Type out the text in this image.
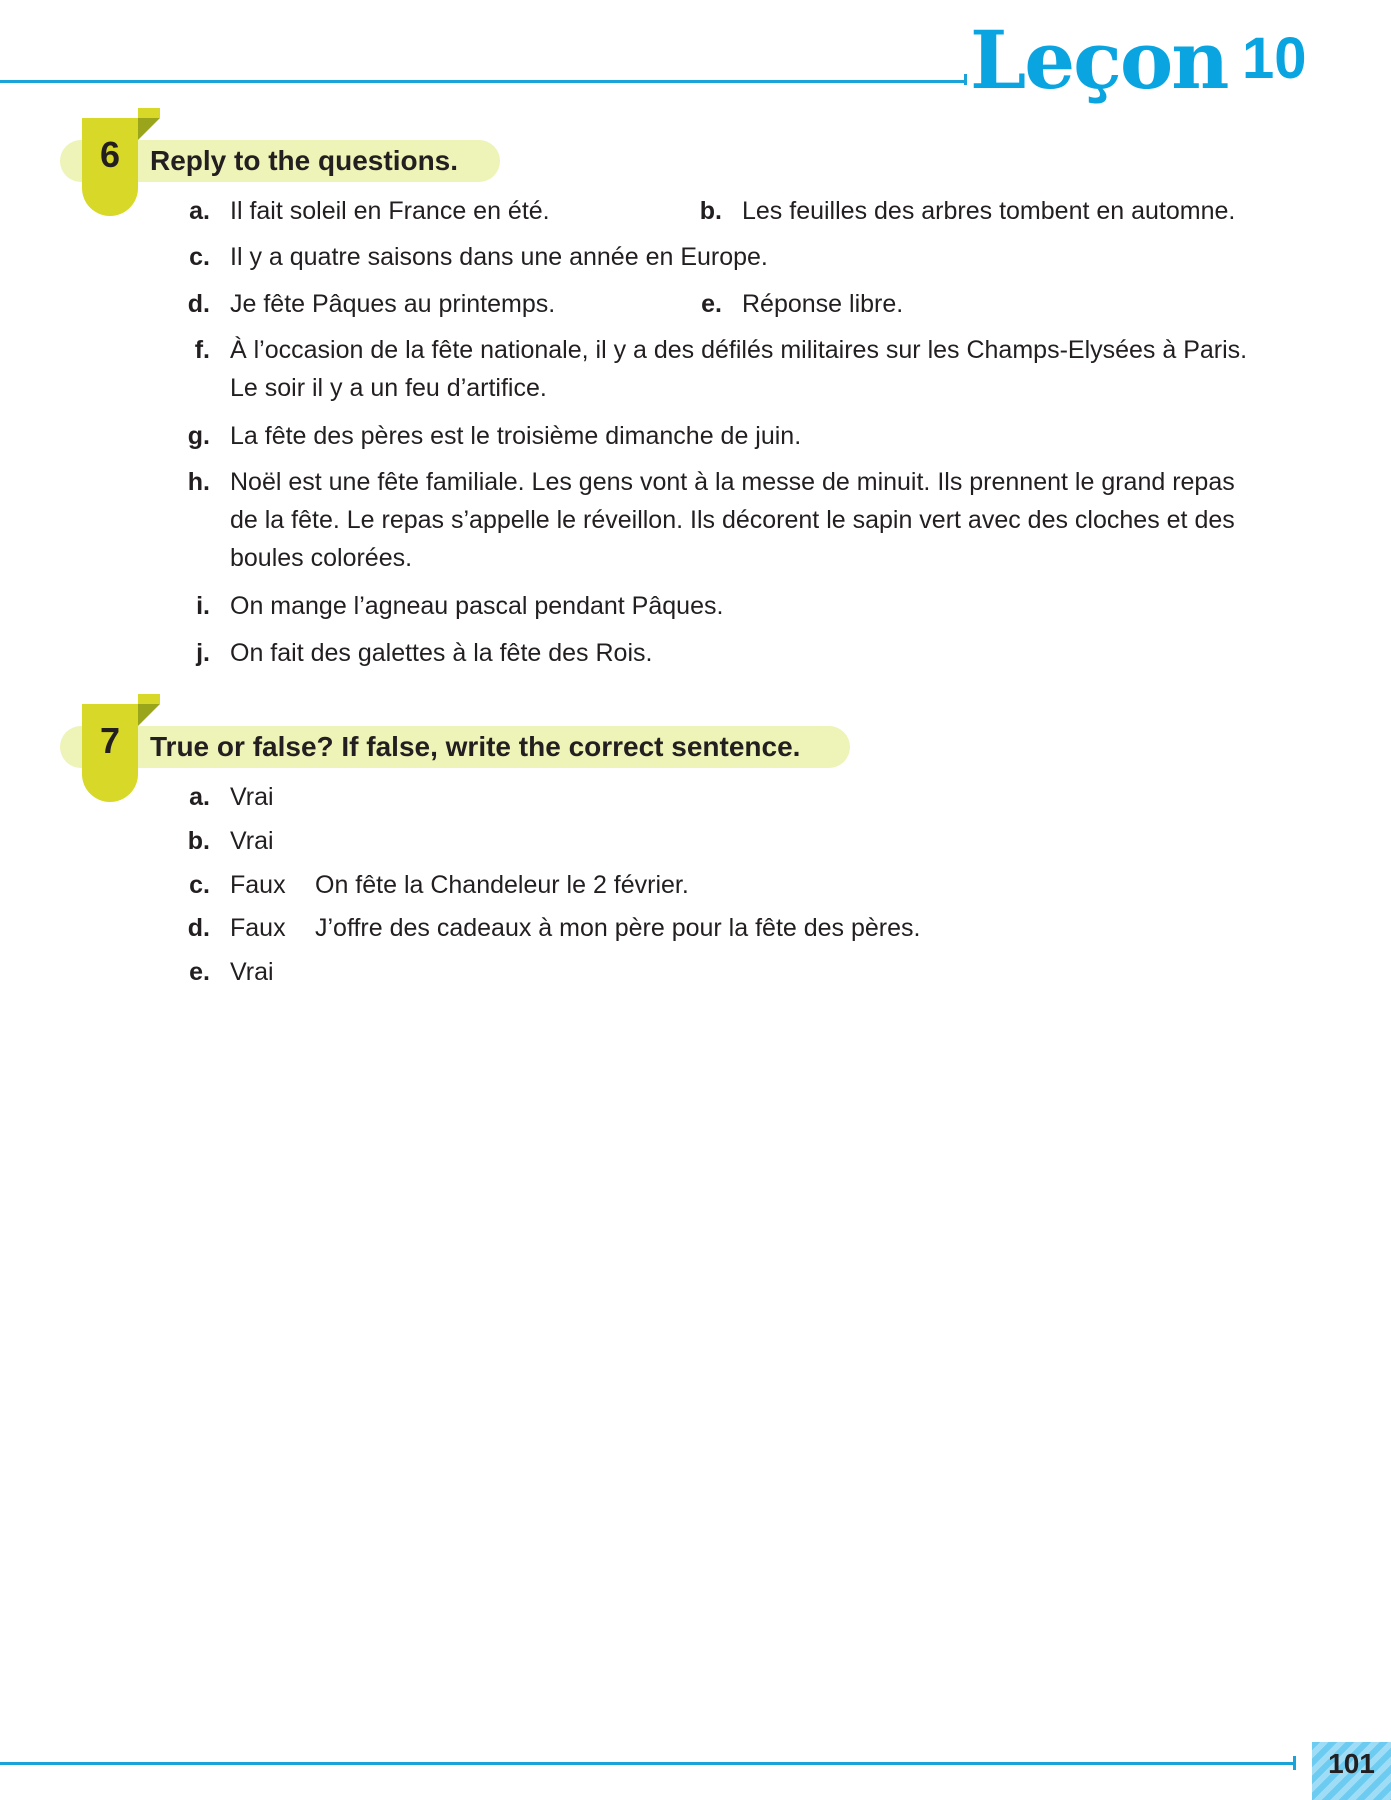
Leçon 10
6	Reply to the questions.
a. Il fait soleil en France en été.	b. Les feuilles des arbres tombent en automne.
c. Il y a quatre saisons dans une année en Europe.
d. Je fête Pâques au printemps.	e. Réponse libre.
f. À l’occasion de la fête nationale, il y a des défilés militaires sur les Champs-Elysées à Paris.
Le soir il y a un feu d’artifice.
g. La fête des pères est le troisième dimanche de juin.
h. Noël est une fête familiale. Les gens vont à la messe de minuit. Ils prennent le grand repas
de la fête. Le repas s’appelle le réveillon. Ils décorent le sapin vert avec des cloches et des
boules colorées.
i. On mange l’agneau pascal pendant Pâques.
j. On fait des galettes à la fête des Rois.
7	True or false? If false, write the correct sentence.
a. Vrai
b. Vrai
c. Faux On fête la Chandeleur le 2 février.
d. Faux J’offre des cadeaux à mon père pour la fête des pères.
e. Vrai
101
